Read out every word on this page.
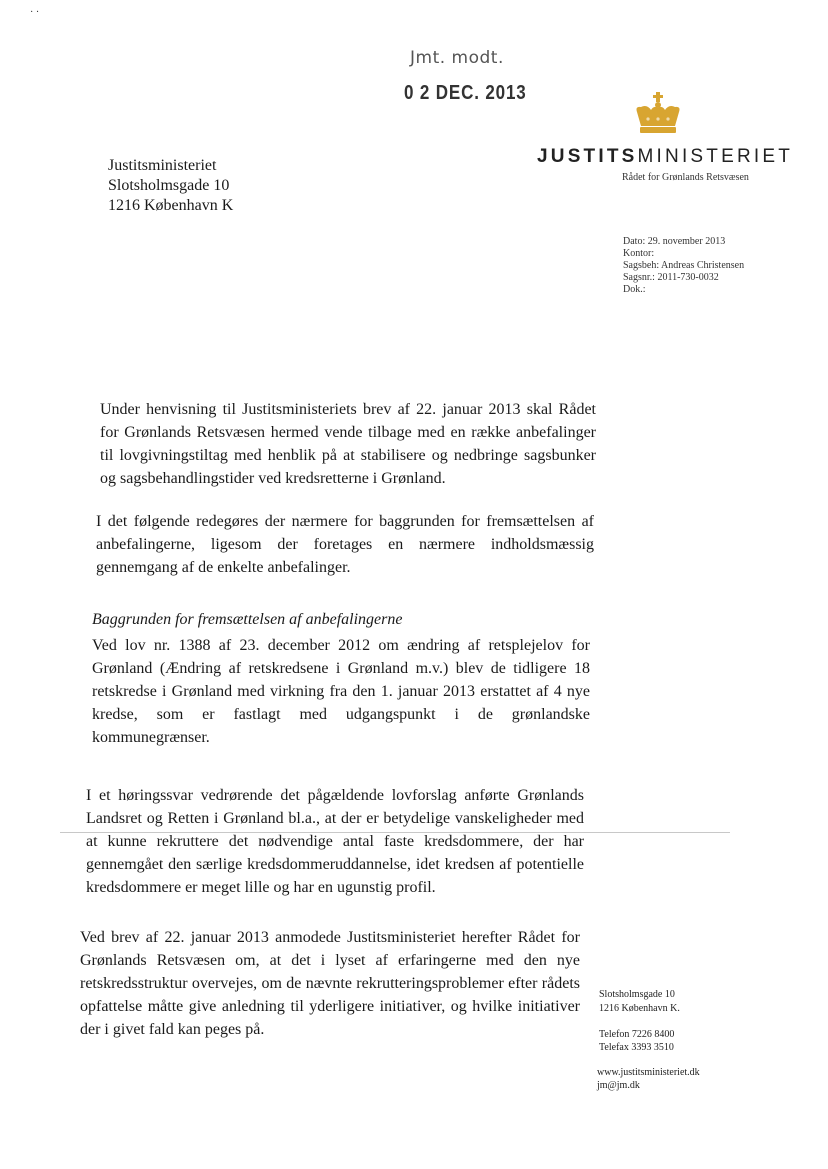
· ·
Jmt. modt.
0 2 DEC. 2013
Justitsministeriet
Slotsholmsgade 10
1216 København K
JUSTITSMINISTERIET
Rådet for Grønlands Retsvæsen
Dato: 29. november 2013
Kontor:
Sagsbeh: Andreas Christensen
Sagsnr.: 2011-730-0032
Dok.:
Under henvisning til Justitsministeriets brev af 22. januar 2013 skal Rådet for Grønlands Retsvæsen hermed vende tilbage med en række anbefalinger til lovgivningstiltag med henblik på at stabilisere og nedbringe sagsbunker og sagsbehandlingstider ved kredsretterne i Grønland.
I det følgende redegøres der nærmere for baggrunden for fremsættelsen af anbefalingerne, ligesom der foretages en nærmere indholdsmæssig gennemgang af de enkelte anbefalinger.
Baggrunden for fremsættelsen af anbefalingerne
Ved lov nr. 1388 af 23. december 2012 om ændring af retsplejelov for Grønland (Ændring af retskredsene i Grønland m.v.) blev de tidligere 18 retskredse i Grønland med virkning fra den 1. januar 2013 erstattet af 4 nye kredse, som er fastlagt med udgangspunkt i de grønlandske kommunegrænser.
I et høringssvar vedrørende det pågældende lovforslag anførte Grønlands Landsret og Retten i Grønland bl.a., at der er betydelige vanskeligheder med at kunne rekruttere det nødvendige antal faste kredsdommere, der har gennemgået den særlige kredsdommeruddannelse, idet kredsen af potentielle kredsdommere er meget lille og har en ugunstig profil.
Ved brev af 22. januar 2013 anmodede Justitsministeriet herefter Rådet for Grønlands Retsvæsen om, at det i lyset af erfaringerne med den nye retskredsstruktur overvejes, om de nævnte rekrutteringsproblemer efter rådets opfattelse måtte give anledning til yderligere initiativer, og hvilke initiativer der i givet fald kan peges på.
Slotsholmsgade 10
1216 København K.
Telefon 7226 8400
Telefax 3393 3510
www.justitsministeriet.dk
jm@jm.dk
